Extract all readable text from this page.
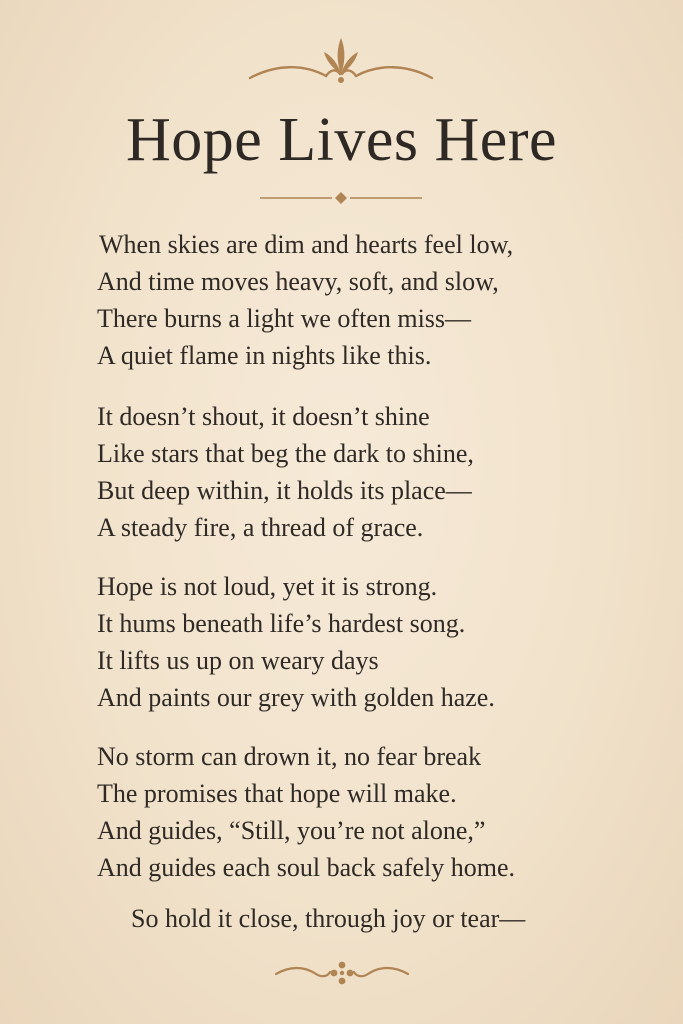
Hope Lives Here
When skies are dim and hearts feel low,
And time moves heavy, soft, and slow,
There burns a light we often miss—
A quiet flame in nights like this.
It doesn’t shout, it doesn’t shine
Like stars that beg the dark to shine,
But deep within, it holds its place—
A steady fire, a thread of grace.
Hope is not loud, yet it is strong.
It hums beneath life’s hardest song.
It lifts us up on weary days
And paints our grey with golden haze.
No storm can drown it, no fear break
The promises that hope will make.
And guides, “Still, you’re not alone,”
And guides each soul back safely home.
So hold it close, through joy or tear—
